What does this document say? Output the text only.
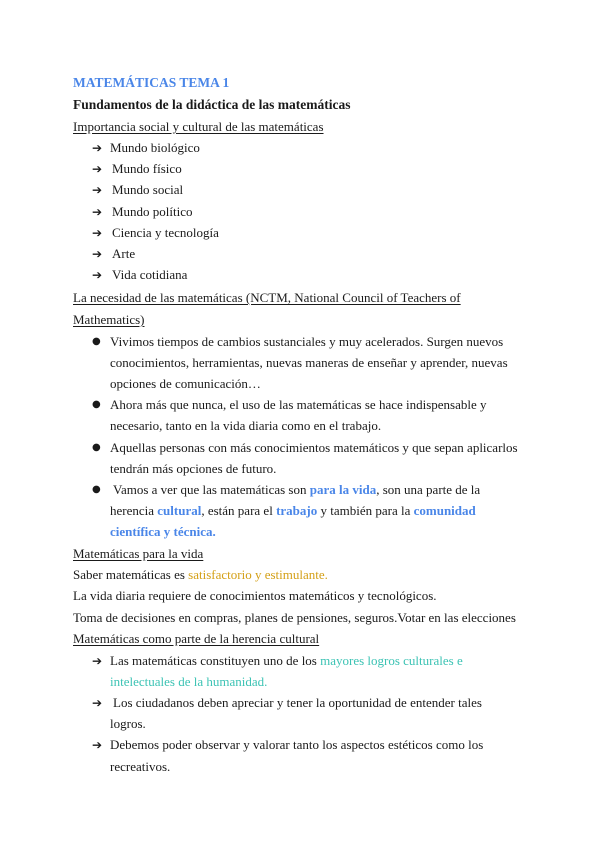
MATEMÁTICAS TEMA 1
Fundamentos de la didáctica de las matemáticas
Importancia social y cultural de las matemáticas
➔ Mundo biológico
➔ Mundo físico
➔ Mundo social
➔ Mundo político
➔ Ciencia y tecnología
➔ Arte
➔ Vida cotidiana
La necesidad de las matemáticas (NCTM, National Council of Teachers of
Mathematics)
● Vivimos tiempos de cambios sustanciales y muy acelerados. Surgen nuevos
conocimientos, herramientas, nuevas maneras de enseñar y aprender, nuevas
opciones de comunicación…
● Ahora más que nunca, el uso de las matemáticas se hace indispensable y
necesario, tanto en la vida diaria como en el trabajo.
● Aquellas personas con más conocimientos matemáticos y que sepan aplicarlos
tendrán más opciones de futuro.
● Vamos a ver que las matemáticas son para la vida, son una parte de la
herencia cultural, están para el trabajo y también para la comunidad
científica y técnica.
Matemáticas para la vida
Saber matemáticas es satisfactorio y estimulante.
La vida diaria requiere de conocimientos matemáticos y tecnológicos.
Toma de decisiones en compras, planes de pensiones, seguros.Votar en las elecciones
Matemáticas como parte de la herencia cultural
➔ Las matemáticas constituyen uno de los mayores logros culturales e
intelectuales de la humanidad.
➔ Los ciudadanos deben apreciar y tener la oportunidad de entender tales
logros.
➔ Debemos poder observar y valorar tanto los aspectos estéticos como los
recreativos.
